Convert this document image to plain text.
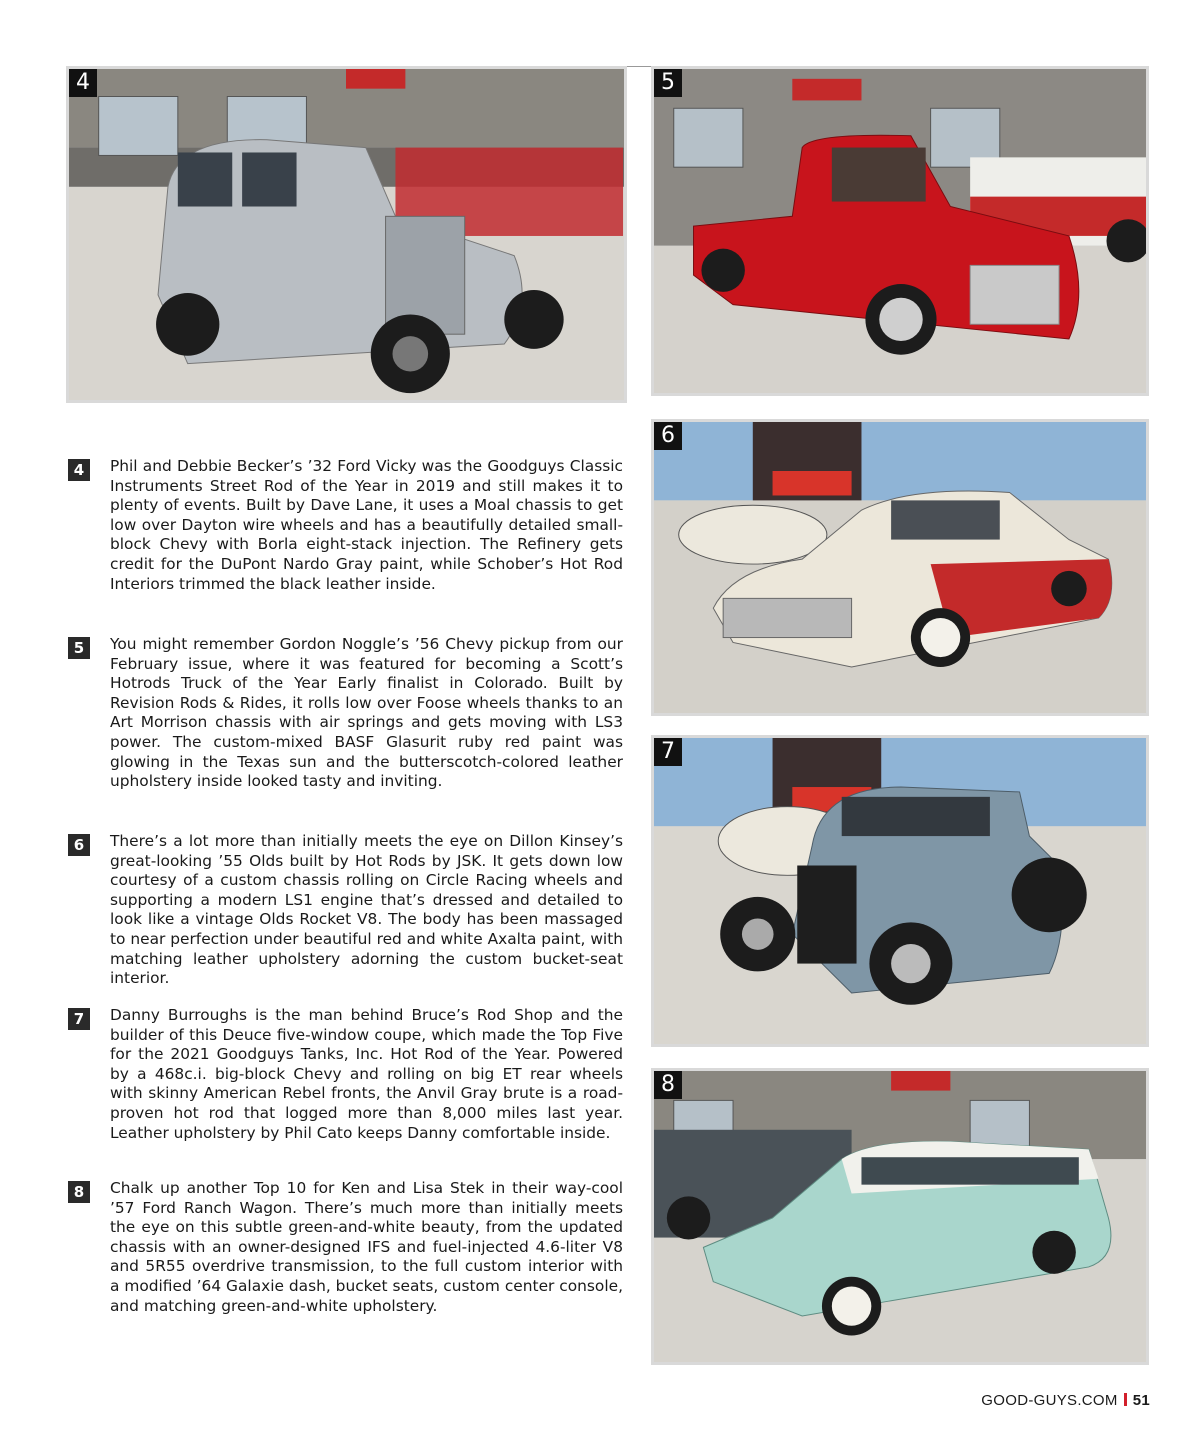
4	5
6
7
8
4	Phil and Debbie Becker’s ’32 Ford Vicky was the Goodguys Classic Instruments Street Rod of the Year in 2019 and still makes it to plenty of events. Built by Dave Lane, it uses a Moal chassis to get low over Dayton wire wheels and has a beautifully detailed small-block Chevy with Borla eight-stack injection. The Refinery gets credit for the DuPont Nardo Gray paint, while Schober’s Hot Rod Interiors trimmed the black leather inside.
5	You might remember Gordon Noggle’s ’56 Chevy pickup from our February issue, where it was featured for becoming a Scott’s Hotrods Truck of the Year Early finalist in Colorado. Built by Revision Rods & Rides, it rolls low over Foose wheels thanks to an Art Morrison chassis with air springs and gets moving with LS3 power. The custom-mixed BASF Glasurit ruby red paint was glowing in the Texas sun and the butterscotch-colored leather upholstery inside looked tasty and inviting.
6	There’s a lot more than initially meets the eye on Dillon Kinsey’s great-looking ’55 Olds built by Hot Rods by JSK. It gets down low courtesy of a custom chassis rolling on Circle Racing wheels and supporting a modern LS1 engine that’s dressed and detailed to look like a vintage Olds Rocket V8. The body has been massaged to near perfection under beautiful red and white Axalta paint, with matching leather upholstery adorning the custom bucket-seat interior.
7	Danny Burroughs is the man behind Bruce’s Rod Shop and the builder of this Deuce five-window coupe, which made the Top Five for the 2021 Goodguys Tanks, Inc. Hot Rod of the Year. Powered by a 468c.i. big-block Chevy and rolling on big ET rear wheels with skinny American Rebel fronts, the Anvil Gray brute is a road-proven hot rod that logged more than 8,000 miles last year. Leather upholstery by Phil Cato keeps Danny comfortable inside.
8	Chalk up another Top 10 for Ken and Lisa Stek in their way-cool ’57 Ford Ranch Wagon. There’s much more than initially meets the eye on this subtle green-and-white beauty, from the updated chassis with an owner-designed IFS and fuel-injected 4.6-liter V8 and 5R55 overdrive transmission, to the full custom interior with a modified ’64 Galaxie dash, bucket seats, custom center console, and matching green-and-white upholstery.
GOOD-GUYS.COM 51
